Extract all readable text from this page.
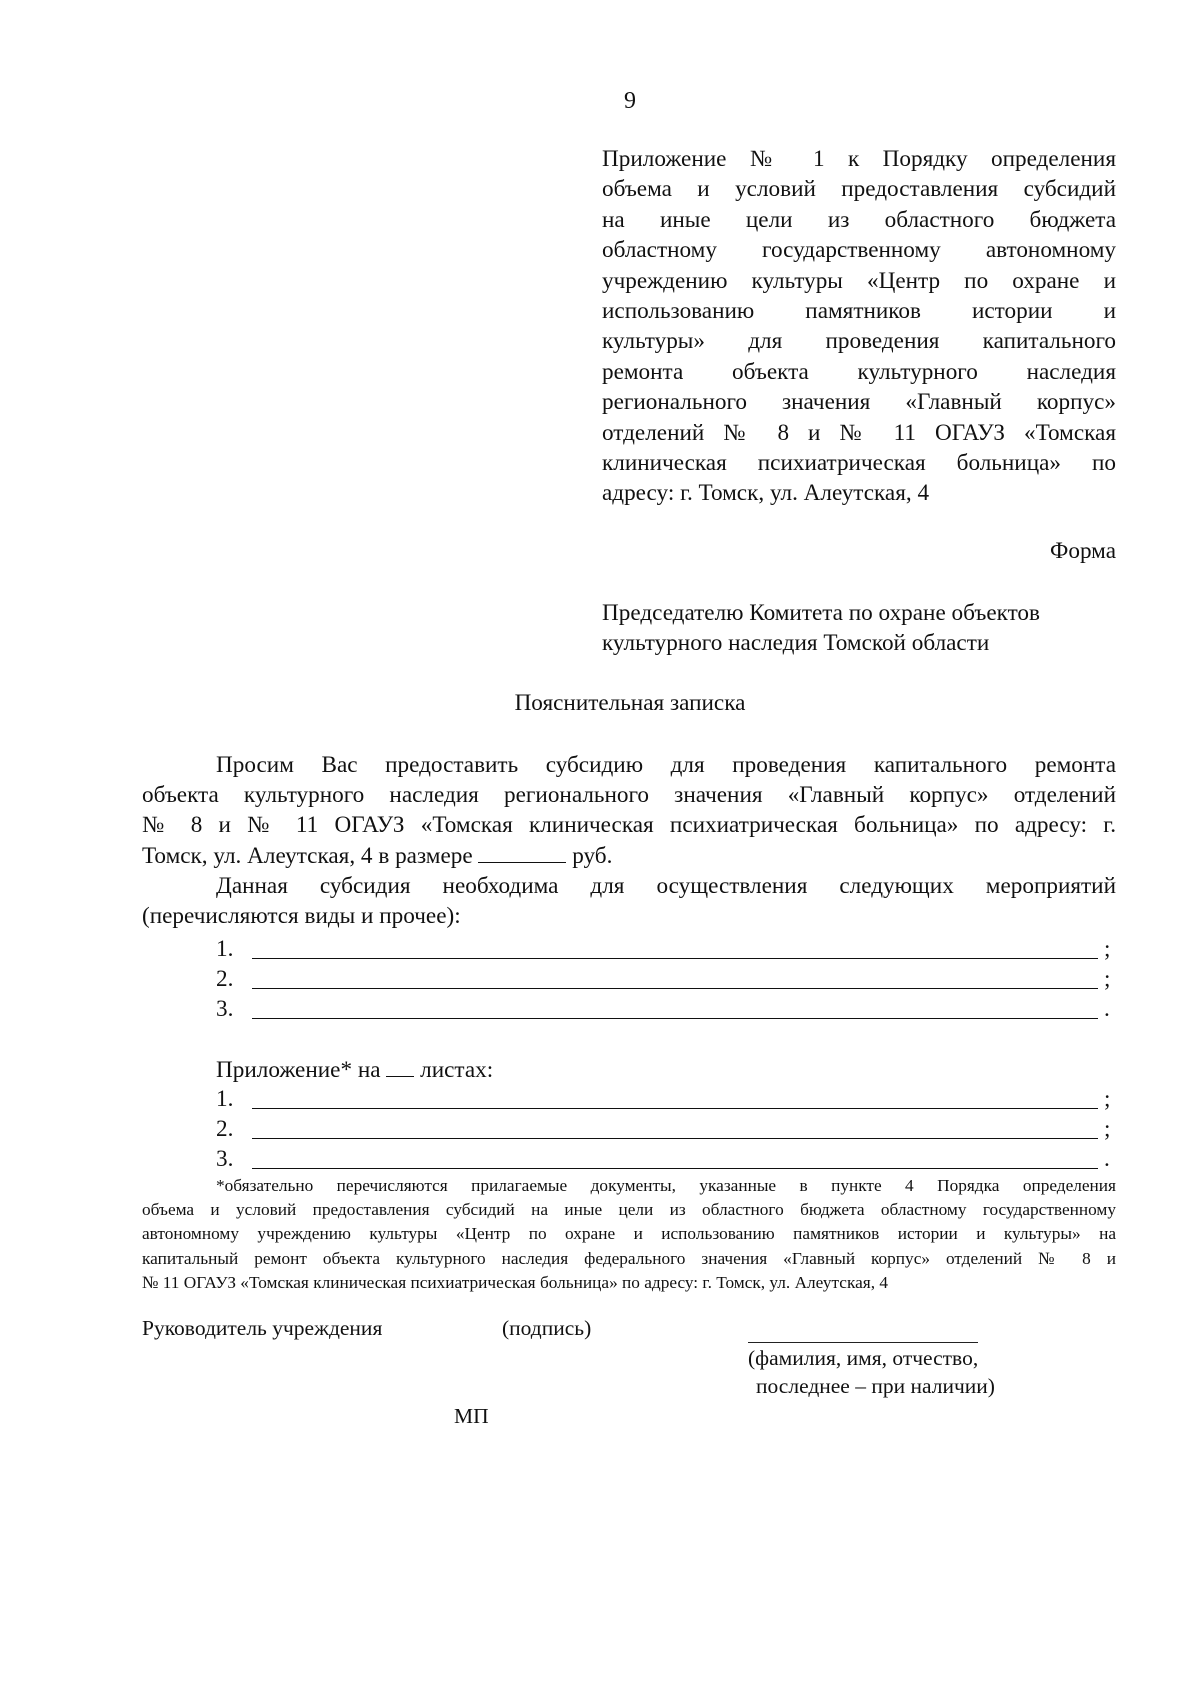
9
Приложение № 1 к Порядку определения
объема и условий предоставления субсидий
на иные цели из областного бюджета
областному государственному автономному
учреждению культуры «Центр по охране и
использованию памятников истории и
культуры» для проведения капитального
ремонта объекта культурного наследия
регионального значения «Главный корпус»
отделений № 8 и № 11 ОГАУЗ «Томская
клиническая психиатрическая больница» по
адресу: г. Томск, ул. Алеутская, 4
Форма
Председателю Комитета по охране объектов
культурного наследия Томской области
Пояснительная записка
Просим Вас предоставить субсидию для проведения капитального ремонта
объекта культурного наследия регионального значения «Главный корпус» отделений
№ 8 и № 11 ОГАУЗ «Томская клиническая психиатрическая больница» по адресу: г.
Томск, ул. Алеутская, 4 в размере	руб.
Данная субсидия необходима для осуществления следующих мероприятий
(перечисляются виды и прочее):
1.	;
2.	;
3.	.
Приложение* на листах:
1.	;
2.	;
3.	.
*обязательно перечисляются прилагаемые документы, указанные в пункте 4 Порядка определения
объема и условий предоставления субсидий на иные цели из областного бюджета областному государственному
автономному учреждению культуры «Центр по охране и использованию памятников истории и культуры» на
капитальный ремонт объекта культурного наследия федерального значения «Главный корпус» отделений № 8 и
№ 11 ОГАУЗ «Томская клиническая психиатрическая больница» по адресу: г. Томск, ул. Алеутская, 4
Руководитель учреждения	(подпись)
(фамилия, имя, отчество,
последнее – при наличии)
МП
